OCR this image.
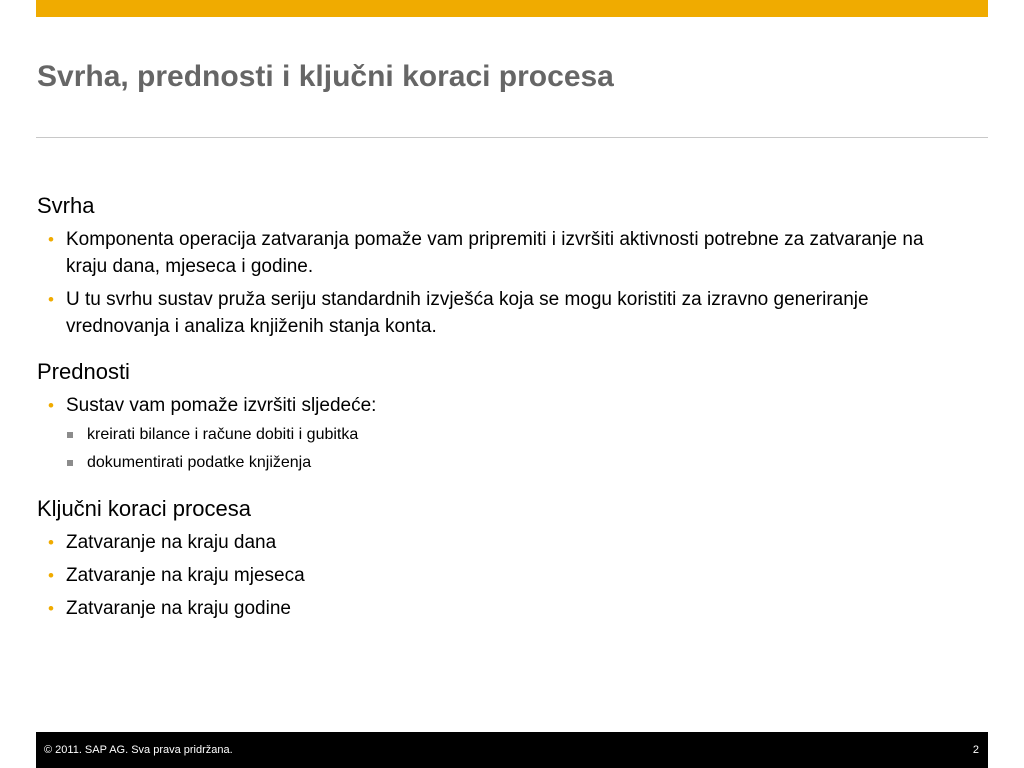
Svrha, prednosti i ključni koraci procesa

Svrha

• Komponenta operacija zatvaranja pomaže vam pripremiti i izvršiti aktivnosti potrebne za zatvaranje na kraju dana, mjeseca i godine.
• U tu svrhu sustav pruža seriju standardnih izvješća koja se mogu koristiti za izravno generiranje vrednovanja i analiza knjiženih stanja konta.

Prednosti

• Sustav vam pomaže izvršiti sljedeće:
kreirati bilance i račune dobiti i gubitka
dokumentirati podatke knjiženja

Ključni koraci procesa

• Zatvaranje na kraju dana
• Zatvaranje na kraju mjeseca
• Zatvaranje na kraju godine
© 2011. SAP AG. Sva prava pridržana.	2
